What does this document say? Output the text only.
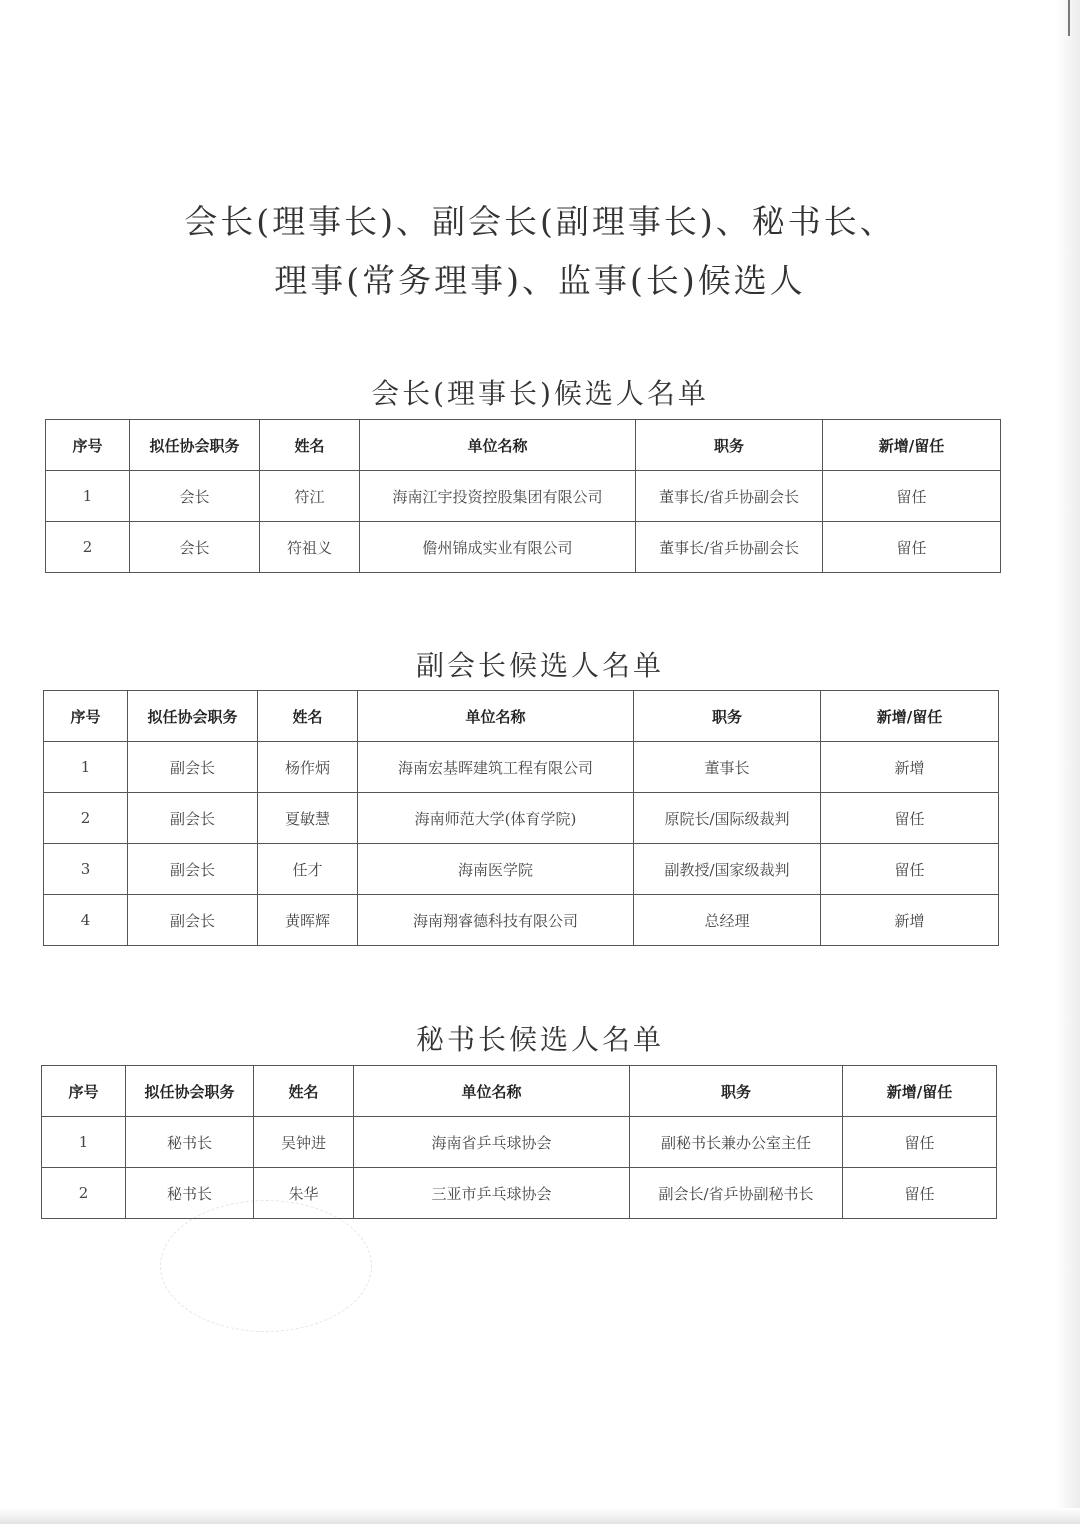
会长(理事长)、副会长(副理事长)、秘书长、
理事(常务理事)、监事(长)候选人
会长(理事长)候选人名单
序号	拟任协会职务	姓名	单位名称	职务	新增/留任
1	会长	符江	海南江宇投资控股集团有限公司	董事长/省乒协副会长	留任
2	会长	符祖义	儋州锦成实业有限公司	董事长/省乒协副会长	留任
副会长候选人名单
序号	拟任协会职务	姓名	单位名称	职务	新增/留任
1	副会长	杨作炳	海南宏基晖建筑工程有限公司	董事长	新增
2	副会长	夏敏慧	海南师范大学(体育学院)	原院长/国际级裁判	留任
3	副会长	任才	海南医学院	副教授/国家级裁判	留任
4	副会长	黄晖辉	海南翔睿德科技有限公司	总经理	新增
秘书长候选人名单
序号	拟任协会职务	姓名	单位名称	职务	新增/留任
1	秘书长	吴钟进	海南省乒乓球协会	副秘书长兼办公室主任	留任
2	秘书长	朱华	三亚市乒乓球协会	副会长/省乒协副秘书长	留任
